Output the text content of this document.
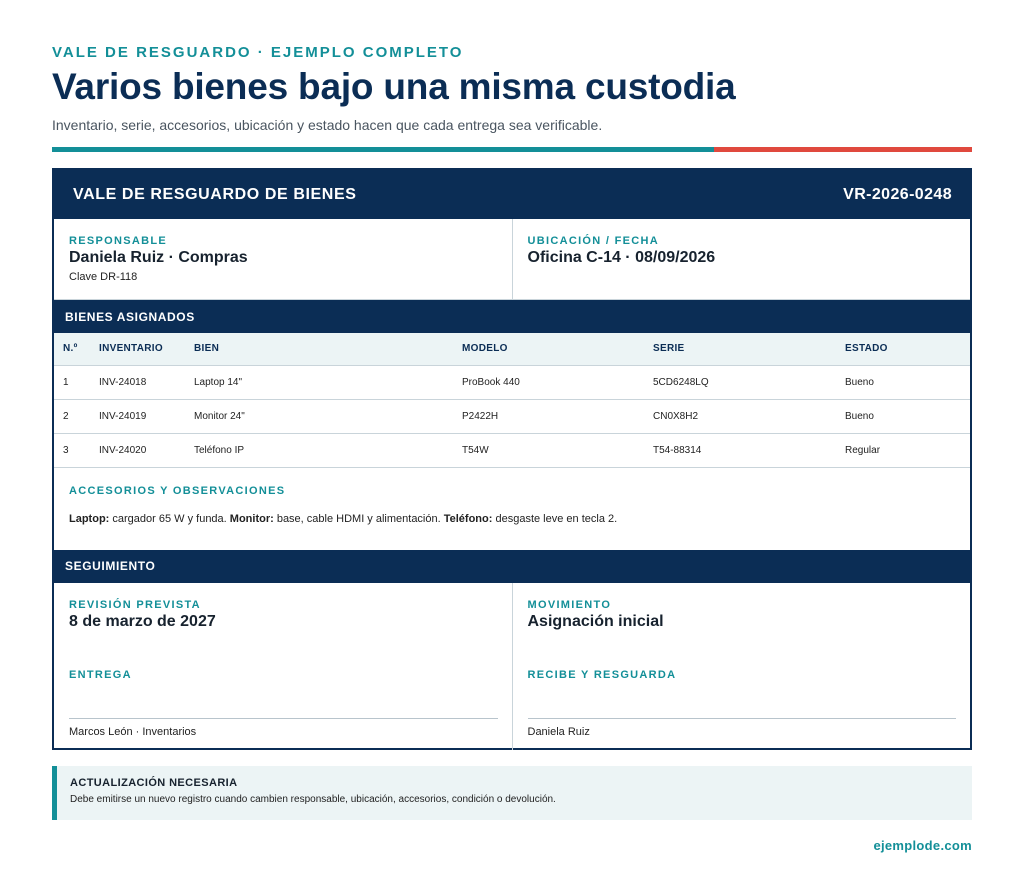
VALE DE RESGUARDO · EJEMPLO COMPLETO
Varios bienes bajo una misma custodia
Inventario, serie, accesorios, ubicación y estado hacen que cada entrega sea verificable.
VALE DE RESGUARDO DE BIENES	VR-2026-0248
RESPONSABLE
Daniela Ruiz · Compras
Clave DR-118
UBICACIÓN / FECHA
Oficina C-14 · 08/09/2026
BIENES ASIGNADOS
N.º	INVENTARIO	BIEN	MODELO	SERIE	ESTADO
1	INV-24018	Laptop 14"	ProBook 440	5CD6248LQ	Bueno
2	INV-24019	Monitor 24"	P2422H	CN0X8H2	Bueno
3	INV-24020	Teléfono IP	T54W	T54-88314	Regular
ACCESORIOS Y OBSERVACIONES
Laptop: cargador 65 W y funda. Monitor: base, cable HDMI y alimentación. Teléfono: desgaste leve en tecla 2.
SEGUIMIENTO
REVISIÓN PREVISTA
8 de marzo de 2027
ENTREGA
Marcos León · Inventarios
MOVIMIENTO
Asignación inicial
RECIBE Y RESGUARDA
Daniela Ruiz
ACTUALIZACIÓN NECESARIA
Debe emitirse un nuevo registro cuando cambien responsable, ubicación, accesorios, condición o devolución.
ejemplode.com
